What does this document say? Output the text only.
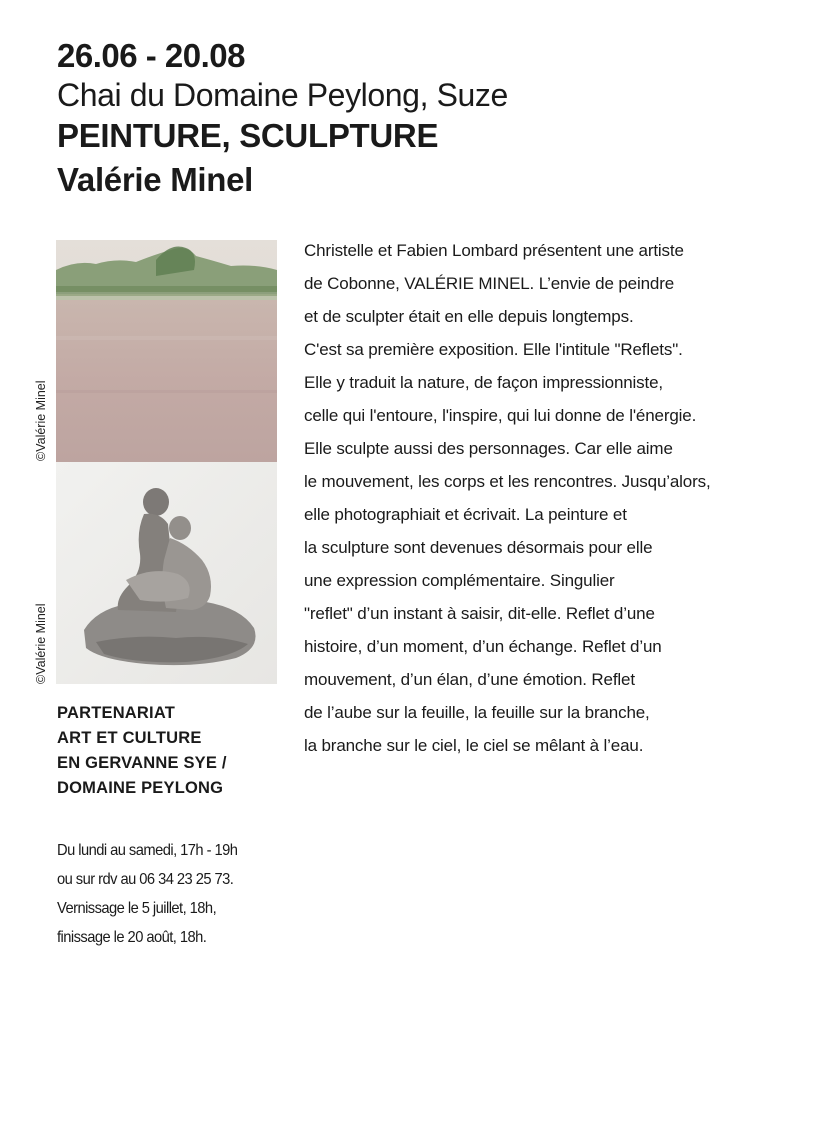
26.06 - 20.08
Chai du Domaine Peylong, Suze
PEINTURE, SCULPTURE
Valérie Minel
©Valérie Minel
©Valérie Minel
PARTENARIAT
ART ET CULTURE
EN GERVANNE SYE /
DOMAINE PEYLONG
Du lundi au samedi, 17h - 19h
ou sur rdv au 06 34 23 25 73.
Vernissage le 5 juillet, 18h,
finissage le 20 août, 18h.
Christelle et Fabien Lombard présentent une artiste
de Cobonne, VALÉRIE MINEL. L’envie de peindre
et de sculpter était en elle depuis longtemps.
C'est sa première exposition. Elle l'intitule "Reflets".
Elle y traduit la nature, de façon impressionniste,
celle qui l'entoure, l'inspire, qui lui donne de l'énergie.
Elle sculpte aussi des personnages. Car elle aime
le mouvement, les corps et les rencontres. Jusqu’alors,
elle photographiait et écrivait. La peinture et
la sculpture sont devenues désormais pour elle
une expression complémentaire. Singulier
"reflet" d’un instant à saisir, dit-elle. Reflet d’une
histoire, d’un moment, d’un échange. Reflet d’un
mouvement, d’un élan, d’une émotion. Reflet
de l’aube sur la feuille, la feuille sur la branche,
la branche sur le ciel, le ciel se mêlant à l’eau.
